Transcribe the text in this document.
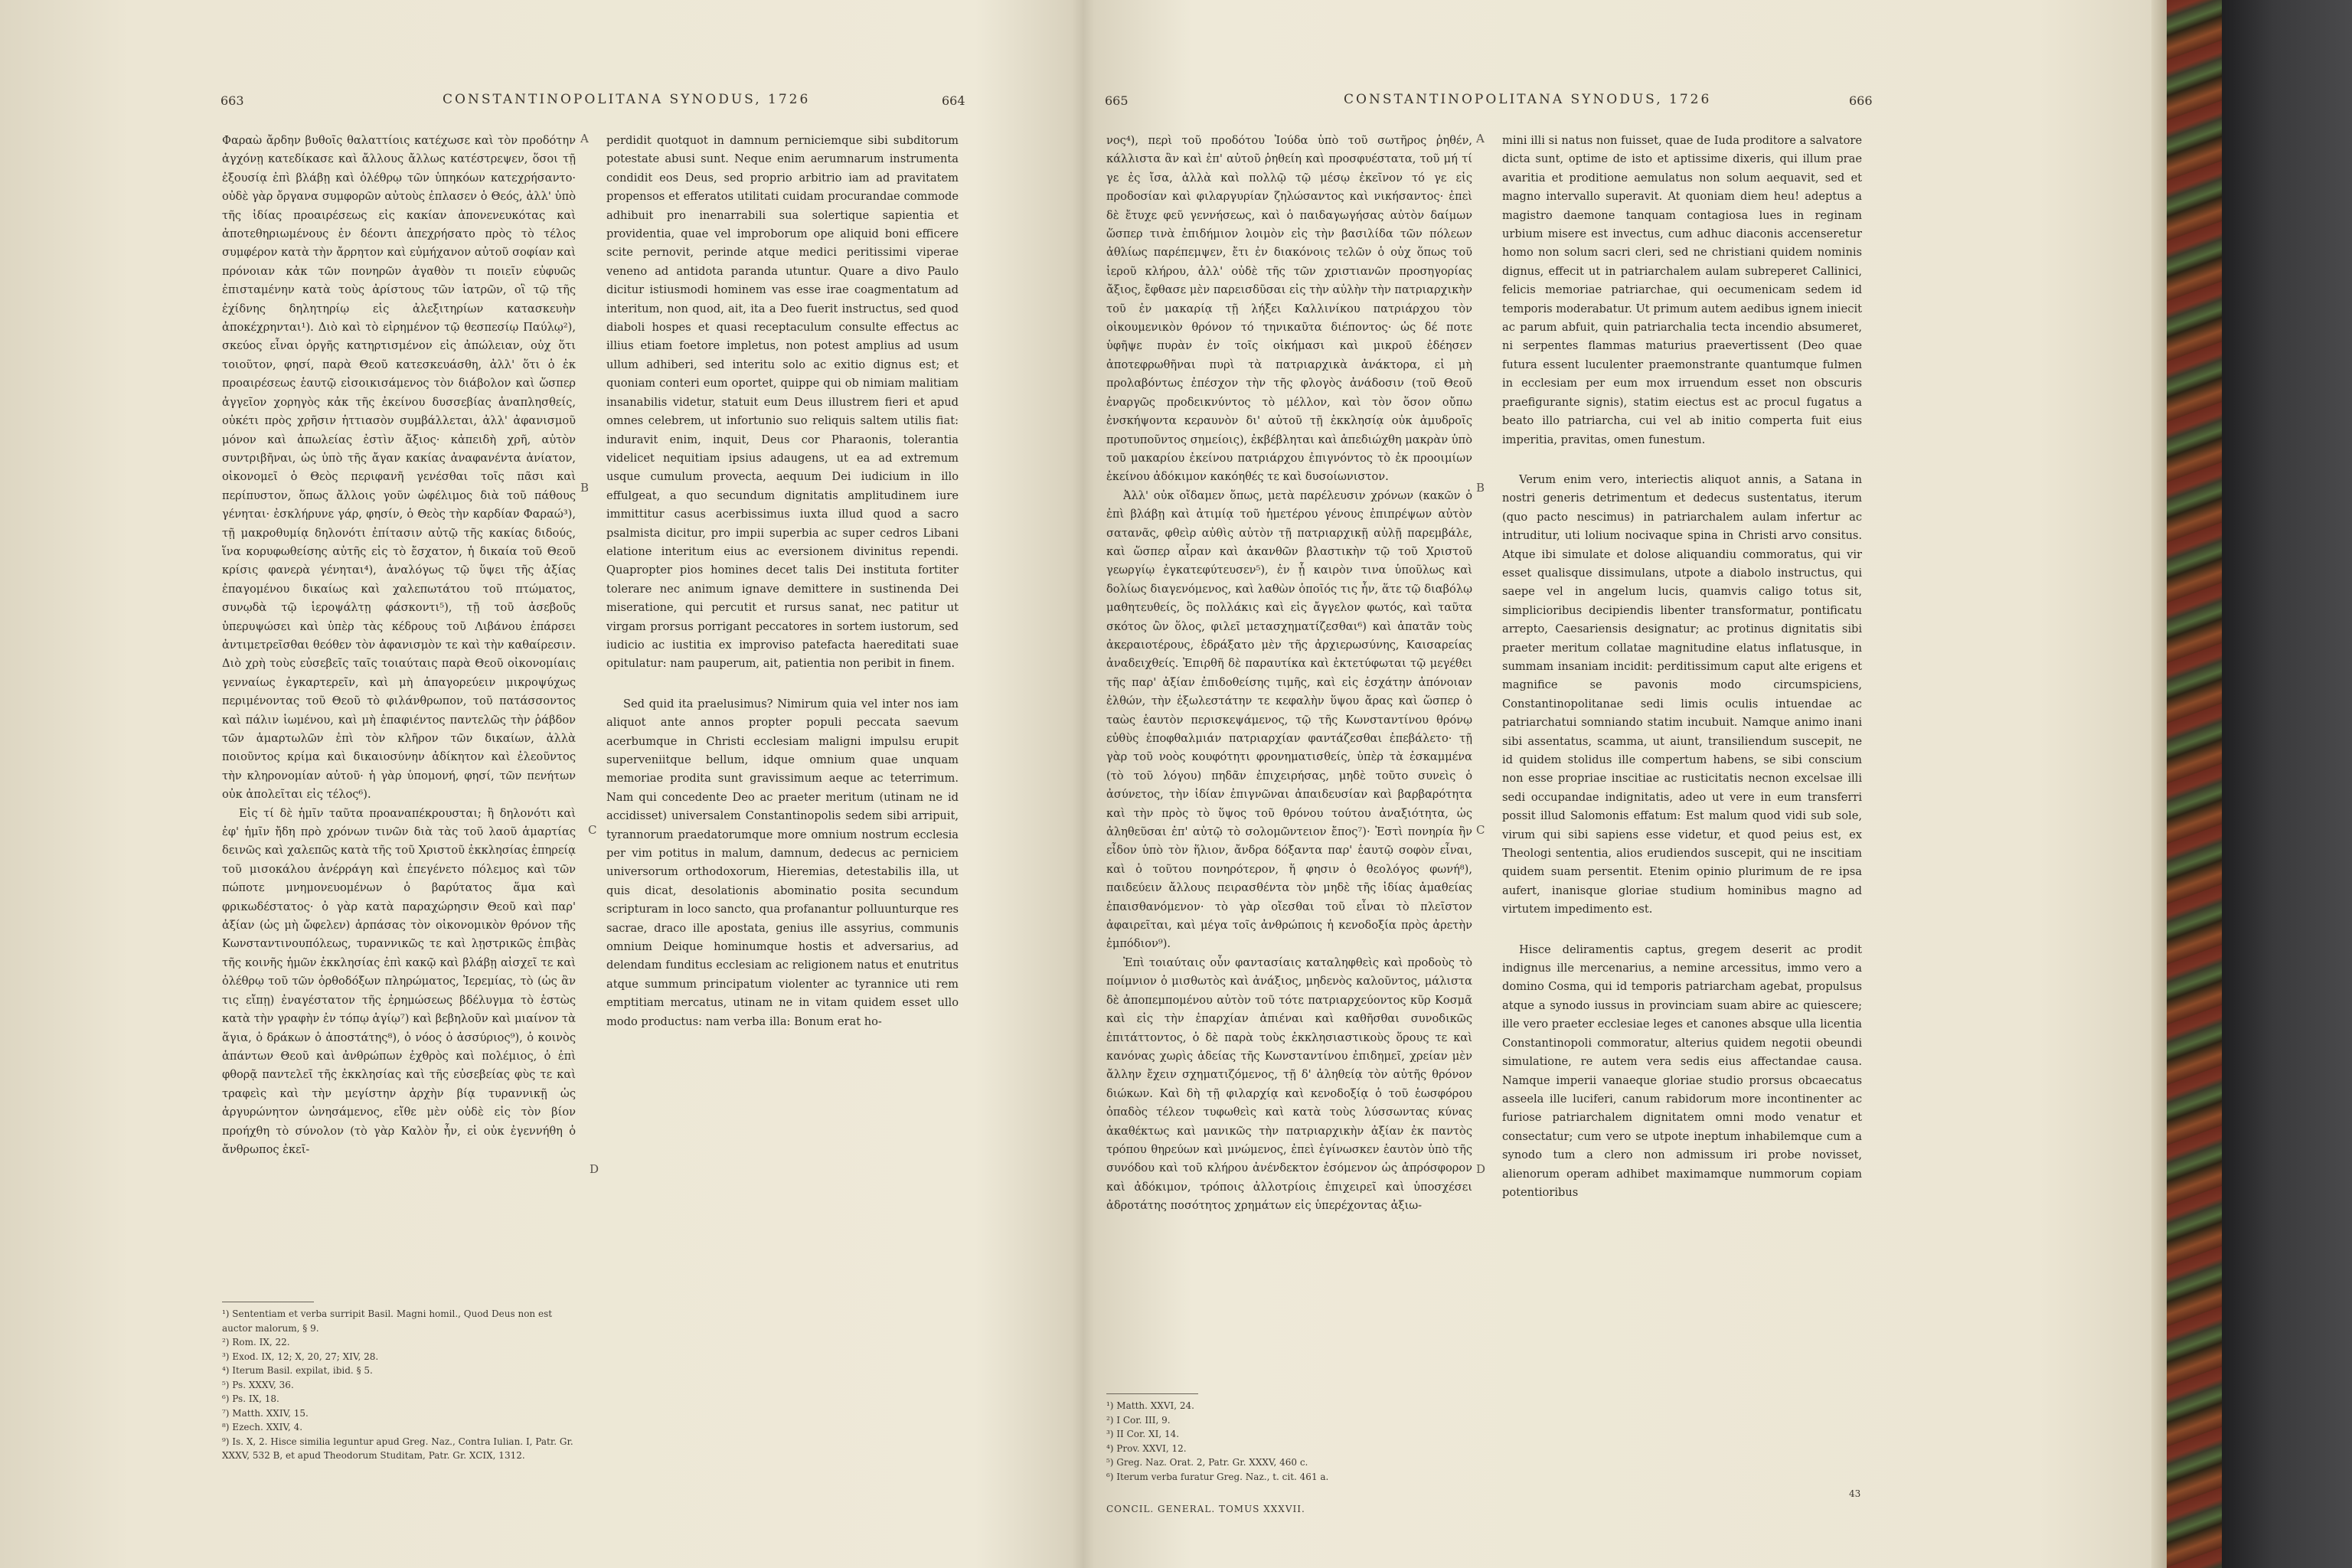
663	CONSTANTINOPOLITANA SYNODUS, 1726	664

Φαραὼ ἄρδην βυθοῖς θαλαττίοις κατέχωσε καὶ τὸν προδότην ἀγχόνῃ κατεδίκασε καὶ ἄλλους ἄλλως κατέστρεψεν, ὅσοι τῇ ἐξουσίᾳ ἐπὶ βλάβῃ καὶ ὀλέθρῳ τῶν ὑπηκόων κατεχρήσαντο· οὐδὲ γὰρ ὄργανα συμφορῶν αὐτοὺς ἐπλασεν ὁ Θεός, ἀλλ' ὑπὸ τῆς ἰδίας προαιρέσεως εἰς κακίαν ἀπονενευκότας καὶ ἀποτεθηριωμένους ἐν δέοντι ἀπεχρήσατο πρὸς τὸ τέλος συμφέρον κατὰ τὴν ἄρρητον καὶ εὐμήχανον αὐτοῦ σοφίαν καὶ πρόνοιαν κἀκ τῶν πονηρῶν ἀγαθὸν τι ποιεῖν εὐφυῶς ἐπισταμένην κατὰ τοὺς ἀρίστους τῶν ἰατρῶν, οἳ τῷ τῆς ἐχίδνης δηλητηρίῳ εἰς ἀλεξιτηρίων κατασκευὴν ἀποκέχρηνται¹). Διὸ καὶ τὸ εἰρημένον τῷ θεσπεσίῳ Παύλῳ²), σκεύος εἶναι ὀργῆς κατηρτισμένον εἰς ἀπώλειαν, οὐχ ὅτι τοιοῦτον, φησί, παρὰ Θεοῦ κατεσκευάσθη, ἀλλ' ὅτι ὁ ἐκ προαιρέσεως ἑαυτῷ εἰσοικισάμενος τὸν διάβολον καὶ ὥσπερ ἀγγεῖον χορηγὸς κἀκ τῆς ἐκείνου δυσσεβίας ἀναπλησθείς, οὐκέτι πρὸς χρῆσιν ἡττιασὸν συμβάλλεται, ἀλλ' ἀφανισμοῦ μόνον καὶ ἀπωλείας ἐστὶν ἄξιος· κἀπειδὴ χρῆ, αὐτὸν συντριβῆναι, ὡς ὑπὸ τῆς ἄγαν κακίας ἀναφανέντα ἀνίατον, οἰκονομεῖ ὁ Θεὸς περιφανῆ γενέσθαι τοῖς πᾶσι καὶ περίπυστον, ὅπως ἄλλοις γοῦν ὠφέλιμος διὰ τοῦ πάθους γένηται· ἐσκλήρυνε γάρ, φησίν, ὁ Θεὸς τὴν καρδίαν Φαραώ³), τῇ μακροθυμίᾳ δηλονότι ἐπίτασιν αὐτῷ τῆς κακίας διδούς, ἵνα κορυφωθείσης αὐτῆς εἰς τὸ ἔσχατον, ἡ δικαία τοῦ Θεοῦ κρίσις φανερὰ γένηται⁴), ἀναλόγως τῷ ὕψει τῆς ἀξίας ἐπαγομένου δικαίως καὶ χαλεπωτάτου τοῦ πτώματος, συνῳδὰ τῷ ἱεροψάλτῃ φάσκοντι⁵), τῇ τοῦ ἀσεβοῦς ὑπερυψώσει καὶ ὑπὲρ τὰς κέδρους τοῦ Λιβάνου ἐπάρσει ἀντιμετρεῖσθαι θεόθεν τὸν ἀφανισμὸν τε καὶ τὴν καθαίρεσιν. Διὸ χρὴ τοὺς εὐσεβεῖς ταῖς τοιαύταις παρὰ Θεοῦ οἰκονομίαις γενναίως ἐγκαρτερεῖν, καὶ μὴ ἀπαγορεύειν μικροψύχως περιμένοντας τοῦ Θεοῦ τὸ φιλάνθρωπον, τοῦ πατάσσοντος καὶ πάλιν ἰωμένου, καὶ μὴ ἐπαφιέντος παντελῶς τὴν ῥάβδον τῶν ἁμαρτωλῶν ἐπὶ τὸν κλῆρον τῶν δικαίων, ἀλλὰ ποιοῦντος κρίμα καὶ δικαιοσύνην ἀδίκητον καὶ ἐλεοῦντος τὴν κληρονομίαν αὐτοῦ· ἡ γὰρ ὑπομονή, φησί, τῶν πενήτων οὐκ ἀπολεῖται εἰς τέλος⁶).

Εἰς τί δὲ ἡμῖν ταῦτα προαναπέκρουσται; ἢ δηλονότι καὶ ἐφ' ἡμῖν ἤδη πρὸ χρόνων τινῶν διὰ τὰς τοῦ λαοῦ ἁμαρτίας δεινῶς καὶ χαλεπῶς κατὰ τῆς τοῦ Χριστοῦ ἐκκλησίας ἐπηρείᾳ τοῦ μισοκάλου ἀνέρράγη καὶ ἐπεγένετο πόλεμος καὶ τῶν πώποτε μνημονευομένων ὁ βαρύτατος ἅμα καὶ φρικωδέστατος· ὁ γὰρ κατὰ παραχώρησιν Θεοῦ καὶ παρ' ἀξίαν (ὡς μὴ ὤφελεν) ἁρπάσας τὸν οἰκονομικὸν θρόνον τῆς Κωνσταντινουπόλεως, τυραννικῶς τε καὶ λῃστρικῶς ἐπιβὰς τῆς κοινῆς ἡμῶν ἐκκλησίας ἐπὶ κακῷ καὶ βλάβῃ αἰσχεῖ τε καὶ ὀλέθρῳ τοῦ τῶν ὀρθοδόξων πληρώματος, Ἱερεμίας, τὸ (ὡς ἂν τις εἴπῃ) ἐναγέστατον τῆς ἐρημώσεως βδέλυγμα τὸ ἑστὼς κατὰ τὴν γραφὴν ἐν τόπῳ ἁγίῳ⁷) καὶ βεβηλοῦν καὶ μιαίνον τὰ ἅγια, ὁ δράκων ὁ ἀποστάτης⁸), ὁ νόος ὁ ἀσσύριος⁹), ὁ κοινὸς ἁπάντων Θεοῦ καὶ ἀνθρώπων ἐχθρὸς καὶ πολέμιος, ὁ ἐπὶ φθορᾷ παντελεῖ τῆς ἐκκλησίας καὶ τῆς εὐσεβείας φὺς τε καὶ τραφεὶς καὶ τὴν μεγίστην ἀρχὴν βίᾳ τυραννικῇ ὡς ἀργυρώνητον ὠνησάμενος, εἴθε μὲν οὐδὲ εἰς τὸν βίον προήχθη τὸ σύνολον (τὸ γὰρ Καλὸν ἦν, εἰ οὐκ ἐγεννήθη ὁ ἄνθρωπος ἐκεῖ-

perdidit quotquot in damnum perniciemque sibi subditorum potestate abusi sunt. Neque enim aerumnarum instrumenta condidit eos Deus, sed proprio arbitrio iam ad pravitatem propensos et efferatos utilitati cuidam procurandae commode adhibuit pro inenarrabili sua solertique sapientia et providentia, quae vel improborum ope aliquid boni efficere scite pernovit, perinde atque medici peritissimi viperae veneno ad antidota paranda utuntur. Quare a divo Paulo dicitur istiusmodi hominem vas esse irae coagmentatum ad interitum, non quod, ait, ita a Deo fuerit instructus, sed quod diaboli hospes et quasi receptaculum consulte effectus ac illius etiam foetore impletus, non potest amplius ad usum ullum adhiberi, sed interitu solo ac exitio dignus est; et quoniam conteri eum oportet, quippe qui ob nimiam malitiam insanabilis videtur, statuit eum Deus illustrem fieri et apud omnes celebrem, ut infortunio suo reliquis saltem utilis fiat: induravit enim, inquit, Deus cor Pharaonis, tolerantia videlicet nequitiam ipsius adaugens, ut ea ad extremum usque cumulum provecta, aequum Dei iudicium in illo effulgeat, a quo secundum dignitatis amplitudinem iure immittitur casus acerbissimus iuxta illud quod a sacro psalmista dicitur, pro impii superbia ac super cedros Libani elatione interitum eius ac eversionem divinitus rependi. Quapropter pios homines decet talis Dei instituta fortiter tolerare nec animum ignave demittere in sustinenda Dei miseratione, qui percutit et rursus sanat, nec patitur ut virgam prorsus porrigant peccatores in sortem iustorum, sed iudicio ac iustitia ex improviso patefacta haereditati suae opitulatur: nam pauperum, ait, patientia non peribit in finem.

Sed quid ita praelusimus? Nimirum quia vel inter nos iam aliquot ante annos propter populi peccata saevum acerbumque in Christi ecclesiam maligni impulsu erupit superveniitque bellum, idque omnium quae unquam memoriae prodita sunt gravissimum aeque ac teterrimum. Nam qui concedente Deo ac praeter meritum (utinam ne id accidisset) universalem Constantinopolis sedem sibi arripuit, tyrannorum praedatorumque more omnium nostrum ecclesia per vim potitus in malum, damnum, dedecus ac perniciem universorum orthodoxorum, Hieremias, detestabilis illa, ut quis dicat, desolationis abominatio posita secundum scripturam in loco sancto, qua profanantur polluunturque res sacrae, draco ille apostata, genius ille assyrius, communis omnium Deique hominumque hostis et adversarius, ad delendam funditus ecclesiam ac religionem natus et enutritus atque summum principatum violenter ac tyrannice uti rem emptitiam mercatus, utinam ne in vitam quidem esset ullo modo productus: nam verba illa: Bonum erat ho-

A
B
C
D
¹) Sententiam et verba surripit Basil. Magni homil., Quod Deus non est auctor malorum, § 9.
²) Rom. IX, 22.
³) Exod. IX, 12; X, 20, 27; XIV, 28.
⁴) Iterum Basil. expilat, ibid. § 5.
⁵) Ps. XXXV, 36.
⁶) Ps. IX, 18.
⁷) Matth. XXIV, 15.
⁸) Ezech. XXIV, 4.
⁹) Is. X, 2. Hisce similia leguntur apud Greg. Naz., Contra Iulian. I, Patr. Gr. XXXV, 532 B, et apud Theodorum Studitam, Patr. Gr. XCIX, 1312.
665	CONSTANTINOPOLITANA SYNODUS, 1726	666

νος⁴), περὶ τοῦ προδότου Ἰούδα ὑπὸ τοῦ σωτῆρος ῥηθέν, κάλλιστα ἂν καὶ ἐπ' αὐτοῦ ῥηθείη καὶ προσφυέστατα, τοῦ μή τί γε ἐς ἴσα, ἀλλὰ καὶ πολλῷ τῷ μέσῳ ἐκεῖνον τό γε εἰς προδοσίαν καὶ φιλαργυρίαν ζηλώσαντος καὶ νικήσαντος· ἐπεὶ δὲ ἔτυχε φεῦ γεννήσεως, καὶ ὁ παιδαγωγήσας αὐτὸν δαίμων ὥσπερ τινὰ ἐπιδήμιον λοιμὸν εἰς τὴν βασιλίδα τῶν πόλεων ἀθλίως παρέπεμψεν, ἔτι ἐν διακόνοις τελῶν ὁ οὐχ ὅπως τοῦ ἱεροῦ κλήρου, ἀλλ' οὐδὲ τῆς τῶν χριστιανῶν προσηγορίας ἄξιος, ἔφθασε μὲν παρεισδῦσαι εἰς τὴν αὐλὴν τὴν πατριαρχικὴν τοῦ ἐν μακαρίᾳ τῇ λήξει Καλλινίκου πατριάρχου τὸν οἰκουμενικὸν θρόνον τό τηνικαῦτα διέποντος· ὡς δέ ποτε ὑφῆψε πυρὰν ἐν τοῖς οἰκήμασι καὶ μικροῦ ἐδέησεν ἀποτεφρωθῆναι πυρὶ τὰ πατριαρχικὰ ἀνάκτορα, εἰ μὴ προλαβόντως ἐπέσχον τὴν τῆς φλογὸς ἀνάδοσιν (τοῦ Θεοῦ ἐναργῶς προδεικνύντος τὸ μέλλον, καὶ τὸν ὅσον οὔπω ἐνσκήψοντα κεραυνὸν δι' αὐτοῦ τῇ ἐκκλησίᾳ οὐκ ἀμυδροῖς προτυποῦντος σημείοις), ἐκβέβληται καὶ ἀπεδιώχθη μακρὰν ὑπὸ τοῦ μακαρίου ἐκείνου πατριάρχου ἐπιγνόντος τὸ ἐκ προοιμίων ἐκείνου ἀδόκιμον κακόηθές τε καὶ δυσοίωνιστον.

Ἀλλ' οὐκ οἴδαμεν ὅπως, μετὰ παρέλευσιν χρόνων (κακῶν ὁ ἐπὶ βλάβῃ καὶ ἀτιμίᾳ τοῦ ἡμετέρου γένους ἐπιπρέψων αὐτὸν σατανᾶς, φθεὶρ αὐθὶς αὐτὸν τῇ πατριαρχικῇ αὐλῇ παρεμβάλε, καὶ ὥσπερ αἶραν καὶ ἀκανθῶν βλαστικὴν τῷ τοῦ Χριστοῦ γεωργίῳ ἐγκατεφύτευσεν⁵), ἐν ᾗ καιρὸν τινα ὑποῦλως καὶ δολίως διαγενόμενος, καὶ λαθὼν ὁποῖός τις ἦν, ἅτε τῷ διαβόλῳ μαθητευθείς, ὃς πολλάκις καὶ εἰς ἄγγελον φωτός, καὶ ταῦτα σκότος ὢν ὅλος, φιλεῖ μετασχηματίζεσθαι⁶) καὶ ἀπατᾶν τοὺς ἀκεραιοτέρους, ἐδράξατο μὲν τῆς ἀρχιερωσύνης, Καισαρείας ἀναδειχθείς. Ἐπιρθῆ δὲ παραυτίκα καὶ ἐκτετύφωται τῷ μεγέθει τῆς παρ' ἀξίαν ἐπιδοθείσης τιμῆς, καὶ εἰς ἐσχάτην ἀπόνοιαν ἐλθών, τὴν ἐξωλεστάτην τε κεφαλὴν ὕψου ἄρας καὶ ὥσπερ ὁ ταὼς ἑαυτὸν περισκεψάμενος, τῷ τῆς Κωνσταντίνου θρόνῳ εὐθὺς ἐποφθαλμιάν πατριαρχίαν φαντάζεσθαι ἐπεβάλετο· τῇ γὰρ τοῦ νοὸς κουφότητι φρονηματισθείς, ὑπὲρ τὰ ἐσκαμμένα (τὸ τοῦ λόγου) πηδᾶν ἐπιχειρήσας, μηδὲ τοῦτο συνεὶς ὁ ἀσύνετος, τὴν ἰδίαν ἐπιγνῶναι ἀπαιδευσίαν καὶ βαρβαρότητα καὶ τὴν πρὸς τὸ ὕψος τοῦ θρόνου τούτου ἀναξιότητα, ὡς ἀληθεῦσαι ἐπ' αὐτῷ τὸ σολομῶντειον ἔπος⁷)· Ἐστὶ πονηρία ἣν εἶδον ὑπὸ τὸν ἥλιον, ἄνδρα δόξαντα παρ' ἑαυτῷ σοφὸν εἶναι, καὶ ὁ τοῦτου πονηρότερον, ἥ φησιν ὁ θεολόγος φωνή⁸), παιδεύειν ἄλλους πειρασθέντα τὸν μηδὲ τῆς ἰδίας ἀμαθείας ἐπαισθανόμενον· τὸ γὰρ οἴεσθαι τοῦ εἶναι τὸ πλεῖστον ἀφαιρεῖται, καὶ μέγα τοῖς ἀνθρώποις ἡ κενοδοξία πρὸς ἀρετὴν ἐμπόδιον⁹).

Ἐπὶ τοιαύταις οὖν φαντασίαις καταληφθεὶς καὶ προδοὺς τὸ ποίμνιον ὁ μισθωτὸς καὶ ἀνάξιος, μηδενὸς καλοῦντος, μάλιστα δὲ ἀποπεμπομένου αὐτὸν τοῦ τότε πατριαρχεύοντος κῦρ Κοσμᾶ καὶ εἰς τὴν ἐπαρχίαν ἀπιέναι καὶ καθῆσθαι συνοδικῶς ἐπιτάττοντος, ὁ δὲ παρὰ τοὺς ἐκκλησιαστικοὺς ὅρους τε καὶ κανόνας χωρὶς ἀδείας τῆς Κωνσταντίνου ἐπιδημεῖ, χρείαν μὲν ἄλλην ἔχειν σχηματιζόμενος, τῇ δ' ἀληθείᾳ τὸν αὐτῆς θρόνον διώκων. Καὶ δὴ τῇ φιλαρχίᾳ καὶ κενοδοξίᾳ ὁ τοῦ ἑωσφόρου ὀπαδὸς τέλεον τυφωθεὶς καὶ κατὰ τοὺς λύσσωντας κύνας ἀκαθέκτως καὶ μανικῶς τὴν πατριαρχικὴν ἀξίαν ἐκ παντὸς τρόπου θηρεύων καὶ μνώμενος, ἐπεὶ ἐγίνωσκεν ἑαυτὸν ὑπὸ τῆς συνόδου καὶ τοῦ κλήρου ἀνένδεκτον ἐσόμενον ὡς ἀπρόσφορον καὶ ἀδόκιμον, τρόποις ἀλλοτρίοις ἐπιχειρεῖ καὶ ὑποσχέσει ἀδροτάτης ποσότητος χρημάτων εἰς ὑπερέχοντας ἀξιω-

mini illi si natus non fuisset, quae de Iuda proditore a salvatore dicta sunt, optime de isto et aptissime dixeris, qui illum prae avaritia et proditione aemulatus non solum aequavit, sed et magno intervallo superavit. At quoniam diem heu! adeptus a magistro daemone tanquam contagiosa lues in reginam urbium misere est invectus, cum adhuc diaconis accenseretur homo non solum sacri cleri, sed ne christiani quidem nominis dignus, effecit ut in patriarchalem aulam subreperet Callinici, felicis memoriae patriarchae, qui oecumenicam sedem id temporis moderabatur. Ut primum autem aedibus ignem iniecit ac parum abfuit, quin patriarchalia tecta incendio absumeret, ni serpentes flammas maturius praevertissent (Deo quae futura essent luculenter praemonstrante quantumque fulmen in ecclesiam per eum mox irruendum esset non obscuris praefigurante signis), statim eiectus est ac procul fugatus a beato illo patriarcha, cui vel ab initio comperta fuit eius imperitia, pravitas, omen funestum.

Verum enim vero, interiectis aliquot annis, a Satana in nostri generis detrimentum et dedecus sustentatus, iterum (quo pacto nescimus) in patriarchalem aulam infertur ac intruditur, uti lolium nocivaque spina in Christi arvo consitus. Atque ibi simulate et dolose aliquandiu commoratus, qui vir esset qualisque dissimulans, utpote a diabolo instructus, qui saepe vel in angelum lucis, quamvis caligo totus sit, simplicioribus decipiendis libenter transformatur, pontificatu arrepto, Caesariensis designatur; ac protinus dignitatis sibi praeter meritum collatae magnitudine elatus inflatusque, in summam insaniam incidit: perditissimum caput alte erigens et magnifice se pavonis modo circumspiciens, Constantinopolitanae sedi limis oculis intuendae ac patriarchatui somniando statim incubuit. Namque animo inani sibi assentatus, scamma, ut aiunt, transiliendum suscepit, ne id quidem stolidus ille compertum habens, se sibi conscium non esse propriae inscitiae ac rusticitatis necnon excelsae illi sedi occupandae indignitatis, adeo ut vere in eum transferri possit illud Salomonis effatum: Est malum quod vidi sub sole, virum qui sibi sapiens esse videtur, et quod peius est, ex Theologi sententia, alios erudiendos suscepit, qui ne inscitiam quidem suam persentit. Etenim opinio plurimum de re ipsa aufert, inanisque gloriae studium hominibus magno ad virtutem impedimento est.

Hisce deliramentis captus, gregem deserit ac prodit indignus ille mercenarius, a nemine arcessitus, immo vero a domino Cosma, qui id temporis patriarcham agebat, propulsus atque a synodo iussus in provinciam suam abire ac quiescere; ille vero praeter ecclesiae leges et canones absque ulla licentia Constantinopoli commoratur, alterius quidem negotii obeundi simulatione, re autem vera sedis eius affectandae causa. Namque imperii vanaeque gloriae studio prorsus obcaecatus asseela ille luciferi, canum rabidorum more incontinenter ac furiose patriarchalem dignitatem omni modo venatur et consectatur; cum vero se utpote ineptum inhabilemque cum a synodo tum a clero non admissum iri probe novisset, alienorum operam adhibet maximamque nummorum copiam potentioribus

A
B
C
D
¹) Matth. XXVI, 24.
²) I Cor. III, 9.
³) II Cor. XI, 14.
⁴) Prov. XXVI, 12.
⁵) Greg. Naz. Orat. 2, Patr. Gr. XXXV, 460 c.
⁶) Iterum verba furatur Greg. Naz., t. cit. 461 a.
CONCIL. GENERAL. TOMUS XXXVII.
43
